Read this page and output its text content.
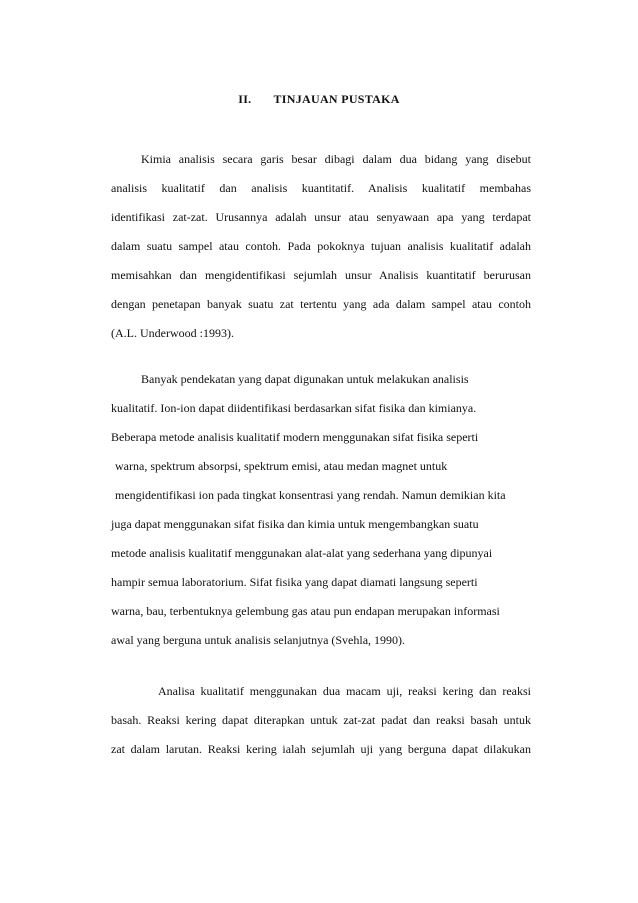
II. TINJAUAN PUSTAKA
Kimia analisis secara garis besar dibagi dalam dua bidang yang disebut
analisis kualitatif dan analisis kuantitatif. Analisis kualitatif membahas
identifikasi zat-zat. Urusannya adalah unsur atau senyawaan apa yang terdapat
dalam suatu sampel atau contoh. Pada pokoknya tujuan analisis kualitatif adalah
memisahkan dan mengidentifikasi sejumlah unsur Analisis kuantitatif berurusan
dengan penetapan banyak suatu zat tertentu yang ada dalam sampel atau contoh
(A.L. Underwood :1993).
Banyak pendekatan yang dapat digunakan untuk melakukan analisis
kualitatif. Ion-ion dapat diidentifikasi berdasarkan sifat fisika dan kimianya.
Beberapa metode analisis kualitatif modern menggunakan sifat fisika seperti
warna, spektrum absorpsi, spektrum emisi, atau medan magnet untuk
mengidentifikasi ion pada tingkat konsentrasi yang rendah. Namun demikian kita
juga dapat menggunakan sifat fisika dan kimia untuk mengembangkan suatu
metode analisis kualitatif menggunakan alat-alat yang sederhana yang dipunyai
hampir semua laboratorium. Sifat fisika yang dapat diamati langsung seperti
warna, bau, terbentuknya gelembung gas atau pun endapan merupakan informasi
awal yang berguna untuk analisis selanjutnya (Svehla, 1990).
Analisa kualitatif menggunakan dua macam uji, reaksi kering dan reaksi
basah. Reaksi kering dapat diterapkan untuk zat-zat padat dan reaksi basah untuk
zat dalam larutan. Reaksi kering ialah sejumlah uji yang berguna dapat dilakukan
